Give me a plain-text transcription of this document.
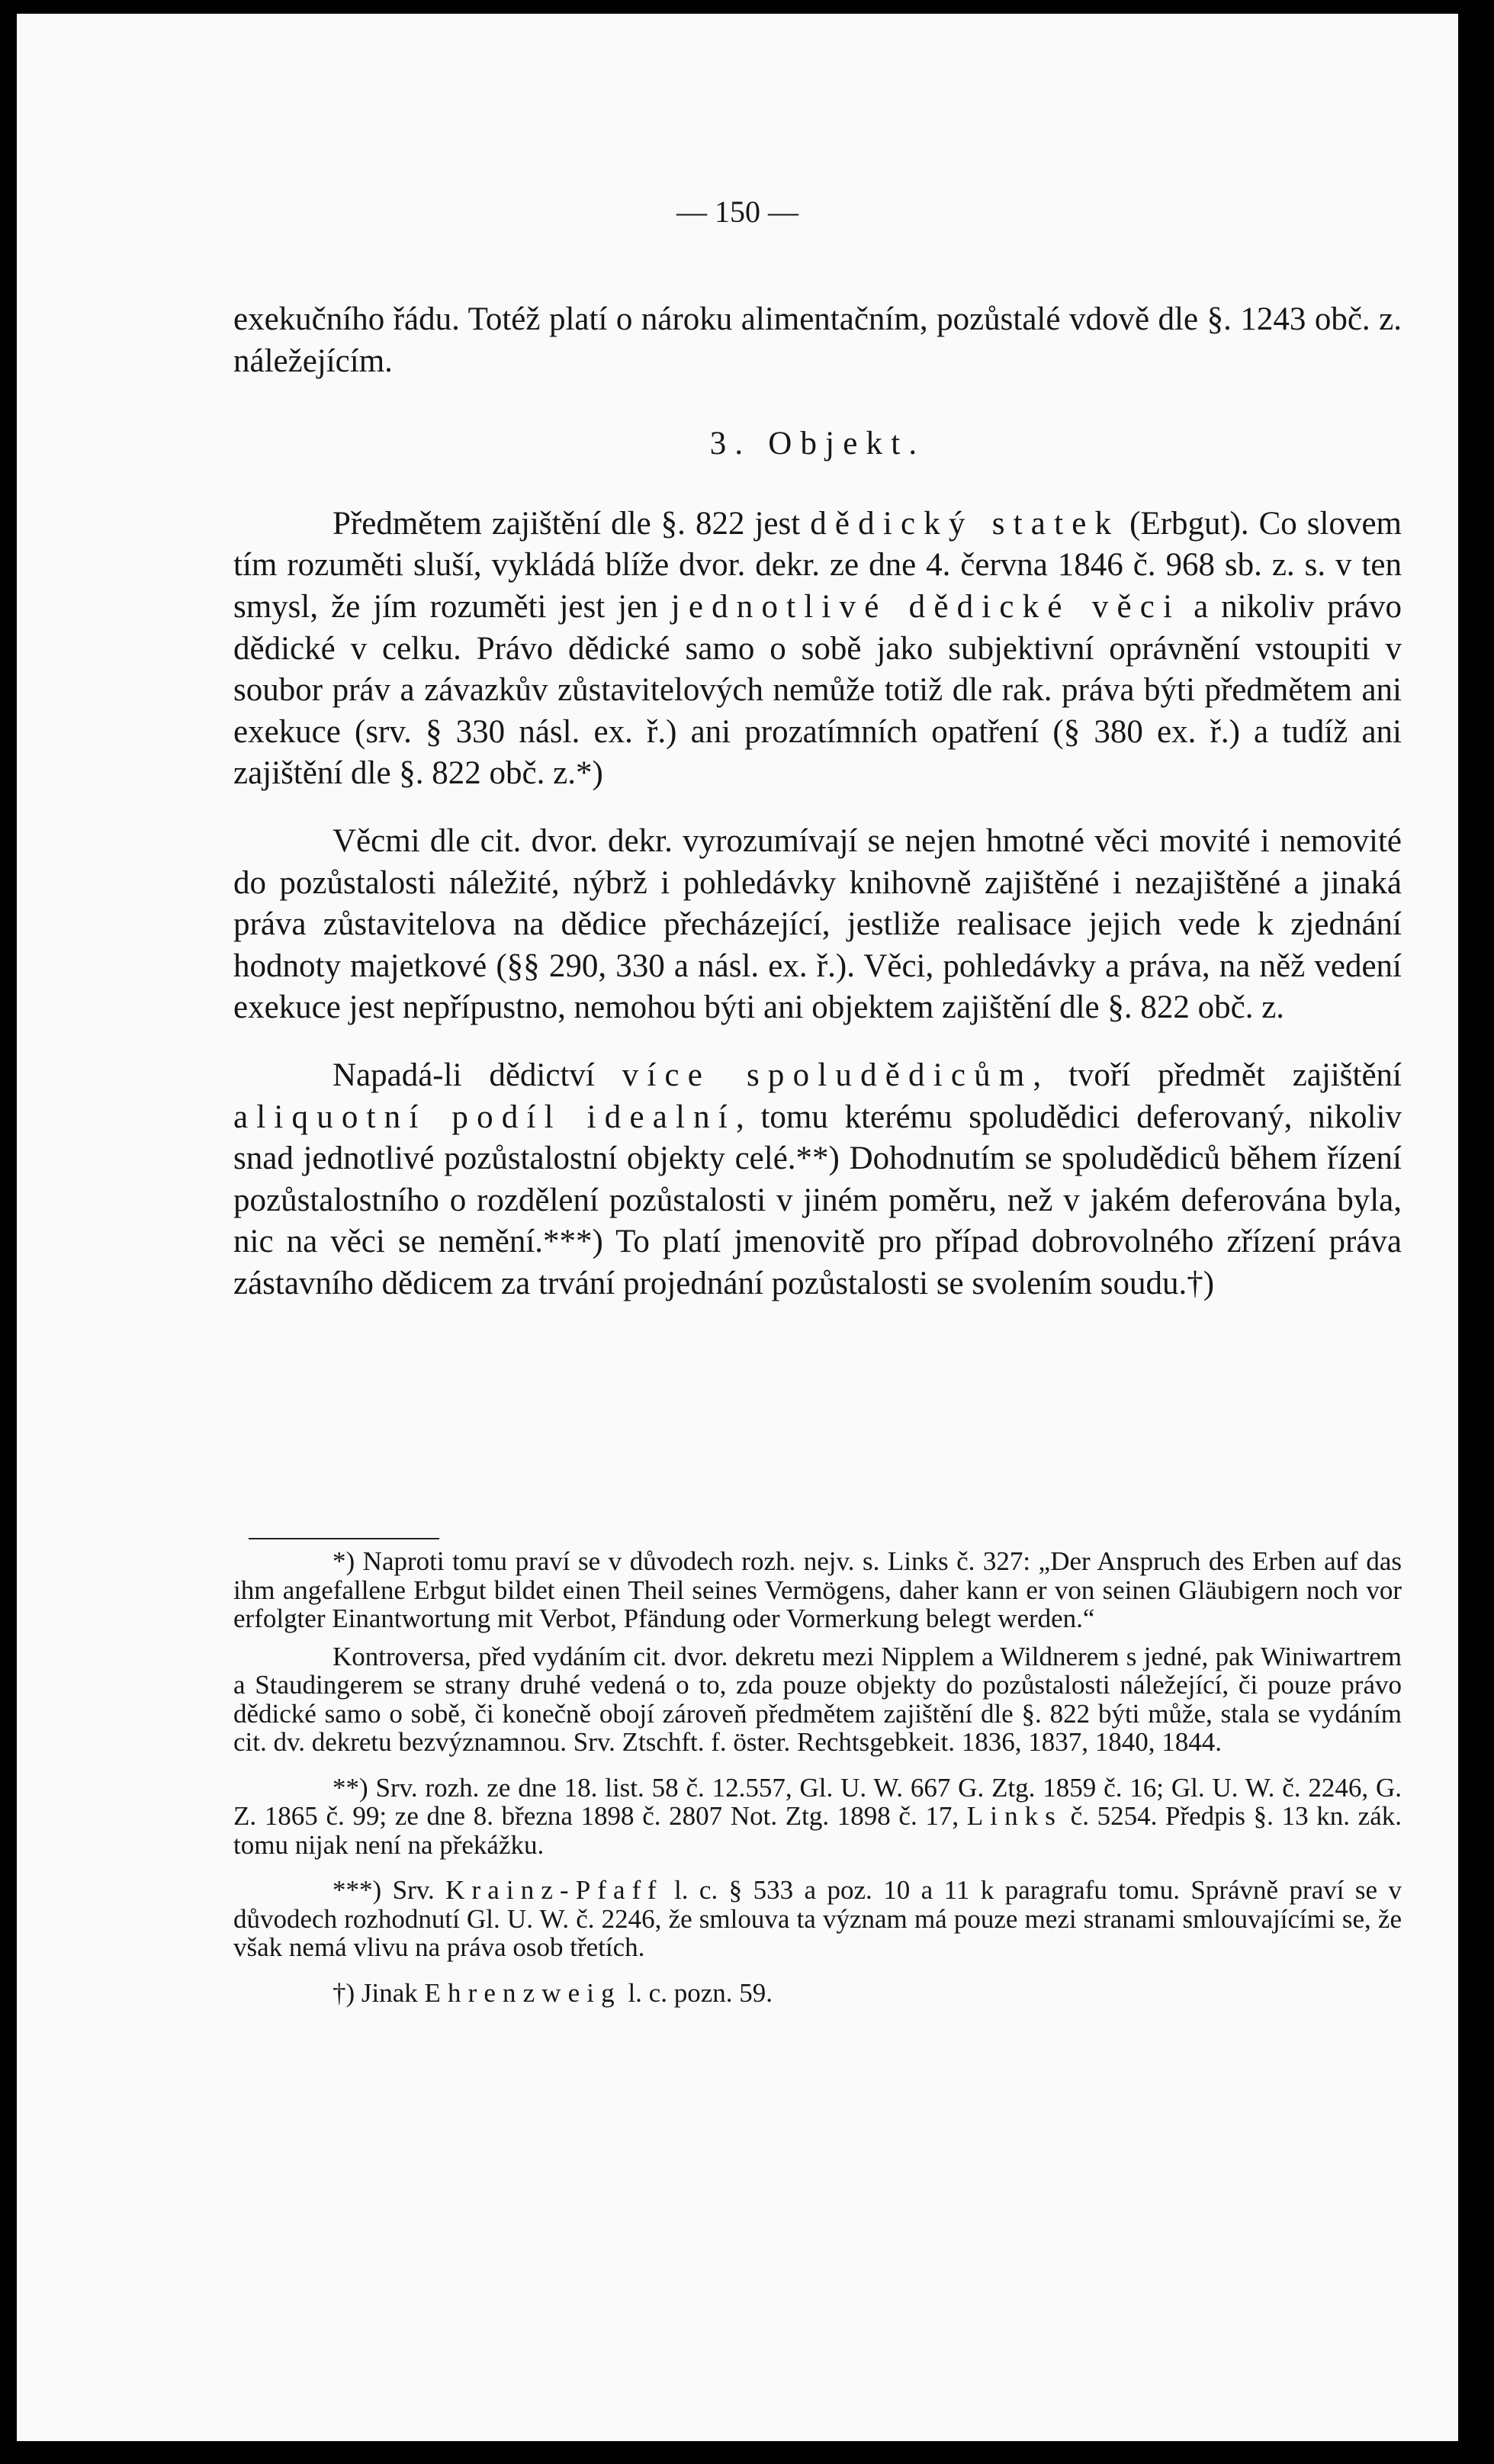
— 150 —

exekučního řádu. Totéž platí o nároku alimentačním, pozůstalé vdově dle §. 1243 obč. z. náležejícím.

3. Objekt.

Předmětem zajištění dle §. 822 jest dědický statek (Erbgut). Co slovem tím rozuměti sluší, vykládá blíže dvor. dekr. ze dne 4. června 1846 č. 968 sb. z. s. v ten smysl, že jím rozuměti jest jen jednotlivé dědické věci a nikoliv právo dědické v celku. Právo dědické samo o sobě jako subjektivní oprávnění vstoupiti v soubor práv a závazkův zůstavitelových nemůže totiž dle rak. práva býti předmětem ani exekuce (srv. § 330 násl. ex. ř.) ani prozatímních opatření (§ 380 ex. ř.) a tudíž ani zajištění dle §. 822 obč. z.*)

Věcmi dle cit. dvor. dekr. vyrozumívají se nejen hmotné věci movité i nemovité do pozůstalosti náležité, nýbrž i pohledávky knihovně zajištěné i nezajištěné a jinaká práva zůstavitelova na dědice přecházející, jestliže realisace jejich vede k zjednání hodnoty majetkové (§§ 290, 330 a násl. ex. ř.). Věci, pohledávky a práva, na něž vedení exekuce jest nepřípustno, nemohou býti ani objektem zajištění dle §. 822 obč. z.

Napadá-li dědictví více spoludědicům, tvoří předmět zajištění aliquotní podíl idealní, tomu kterému spoludědici deferovaný, nikoliv snad jednotlivé pozůstalostní objekty celé.**) Dohodnutím se spoludědiců během řízení pozůstalostního o rozdělení pozůstalosti v jiném poměru, než v jakém deferována byla, nic na věci se nemění.***) To platí jmenovitě pro případ dobrovolného zřízení práva zástavního dědicem za trvání projednání pozůstalosti se svolením soudu.†)

*) Naproti tomu praví se v důvodech rozh. nejv. s. Links č. 327: „Der Anspruch des Erben auf das ihm angefallene Erbgut bildet einen Theil seines Vermögens, daher kann er von seinen Gläubigern noch vor erfolgter Einantwortung mit Verbot, Pfändung oder Vormerkung belegt werden.“

Kontroversa, před vydáním cit. dvor. dekretu mezi Nipplem a Wildnerem s jedné, pak Winiwartrem a Staudingerem se strany druhé vedená o to, zda pouze objekty do pozůstalosti náležející, či pouze právo dědické samo o sobě, či konečně obojí zároveň předmětem zajištění dle §. 822 býti může, stala se vydáním cit. dv. dekretu bezvýznamnou. Srv. Ztschft. f. öster. Rechtsgebkeit. 1836, 1837, 1840, 1844.

**) Srv. rozh. ze dne 18. list. 58 č. 12.557, Gl. U. W. 667 G. Ztg. 1859 č. 16; Gl. U. W. č. 2246, G. Z. 1865 č. 99; ze dne 8. března 1898 č. 2807 Not. Ztg. 1898 č. 17, Links č. 5254. Předpis §. 13 kn. zák. tomu nijak není na překážku.

***) Srv. Krainz-Pfaff l. c. § 533 a poz. 10 a 11 k paragrafu tomu. Správně praví se v důvodech rozhodnutí Gl. U. W. č. 2246, že smlouva ta význam má pouze mezi stranami smlouvajícími se, že však nemá vlivu na práva osob třetích.

†) Jinak Ehrenzweig l. c. pozn. 59.
